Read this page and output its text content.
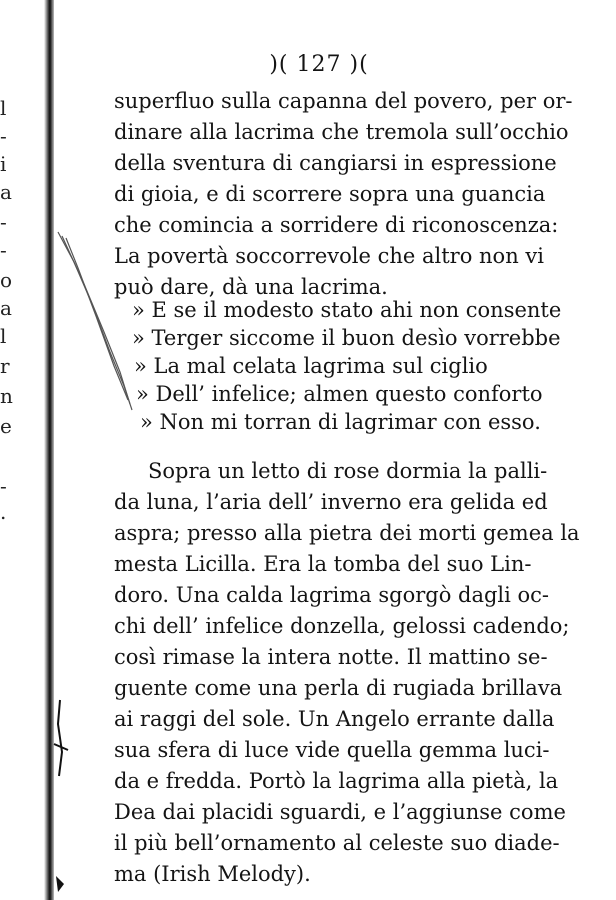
l
-
i
a
-
-
o
a
l
r
n
e
-
.
)( 127 )(
superfluo sulla capanna del povero, per or-
dinare alla lacrima che tremola sull’occhio
della sventura di cangiarsi in espressione
di gioia, e di scorrere sopra una guancia
che comincia a sorridere di riconoscenza:
La povertà soccorrevole che altro non vi
può dare, dà una lacrima.
» E se il modesto stato ahi non consente
» Terger siccome il buon desìo vorrebbe
» La mal celata lagrima sul ciglio
» Dell’ infelice; almen questo conforto
» Non mi torran di lagrimar con esso.
Sopra un letto di rose dormia la palli-
da luna, l’aria dell’ inverno era gelida ed
aspra; presso alla pietra dei morti gemea la
mesta Licilla. Era la tomba del suo Lin-
doro. Una calda lagrima sgorgò dagli oc-
chi dell’ infelice donzella, gelossi cadendo;
così rimase la intera notte. Il mattino se-
guente come una perla di rugiada brillava
ai raggi del sole. Un Angelo errante dalla
sua sfera di luce vide quella gemma luci-
da e fredda. Portò la lagrima alla pietà, la
Dea dai placidi sguardi, e l’aggiunse come
il più bell’ornamento al celeste suo diade-
ma (Irish Melody).
